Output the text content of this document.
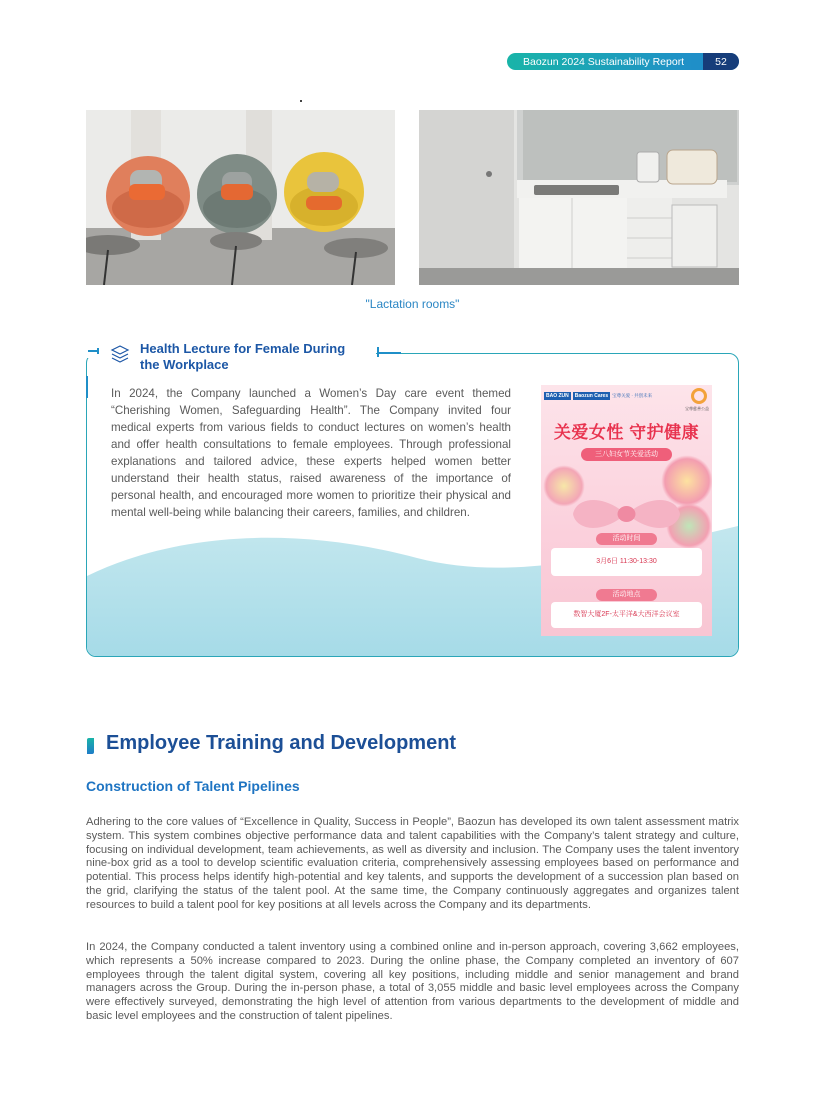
Baozun 2024 Sustainability Report	52
"Lactation rooms"
Health Lecture for Female During
the Workplace
In 2024, the Company launched a Women’s Day care event themed “Cherishing Women, Safeguarding Health”. The Company invited four medical experts from various fields to conduct lectures on women’s health and offer health consultations to female employees. Through professional explanations and tailored advice, these experts helped women better understand their health status, raised awareness of the importance of personal health, and encouraged more women to prioritize their physical and mental well-being while balancing their careers, families, and children.
BAO ZUN	Baozun Cares 宝尊关爱 · 共创未来
宝尊慈善公益
关爱女性 守护健康
三八妇女节关爱活动
活动时间
3月6日 11:30-13:30
活动地点
数智大厦2F-太平洋&大西洋会议室
Employee Training and Development
Construction of Talent Pipelines
Adhering to the core values of “Excellence in Quality, Success in People”, Baozun has developed its own talent assessment matrix system. This system combines objective performance data and talent capabilities with the Company’s talent strategy and culture, focusing on individual development, team achievements, as well as diversity and inclusion. The Company uses the talent inventory nine-box grid as a tool to develop scientific evaluation criteria, comprehensively assessing employees based on performance and potential. This process helps identify high-potential and key talents, and supports the development of a succession plan based on the grid, clarifying the status of the talent pool. At the same time, the Company continuously aggregates and organizes talent resources to build a talent pool for key positions at all levels across the Company and its departments.
In 2024, the Company conducted a talent inventory using a combined online and in-person approach, covering 3,662 employees, which represents a 50% increase compared to 2023. During the online phase, the Company completed an inventory of 607 employees through the talent digital system, covering all key positions, including middle and senior management and brand managers across the Group. During the in-person phase, a total of 3,055 middle and basic level employees across the Company were effectively surveyed, demonstrating the high level of attention from various departments to the development of middle and basic level employees and the construction of talent pipelines.
